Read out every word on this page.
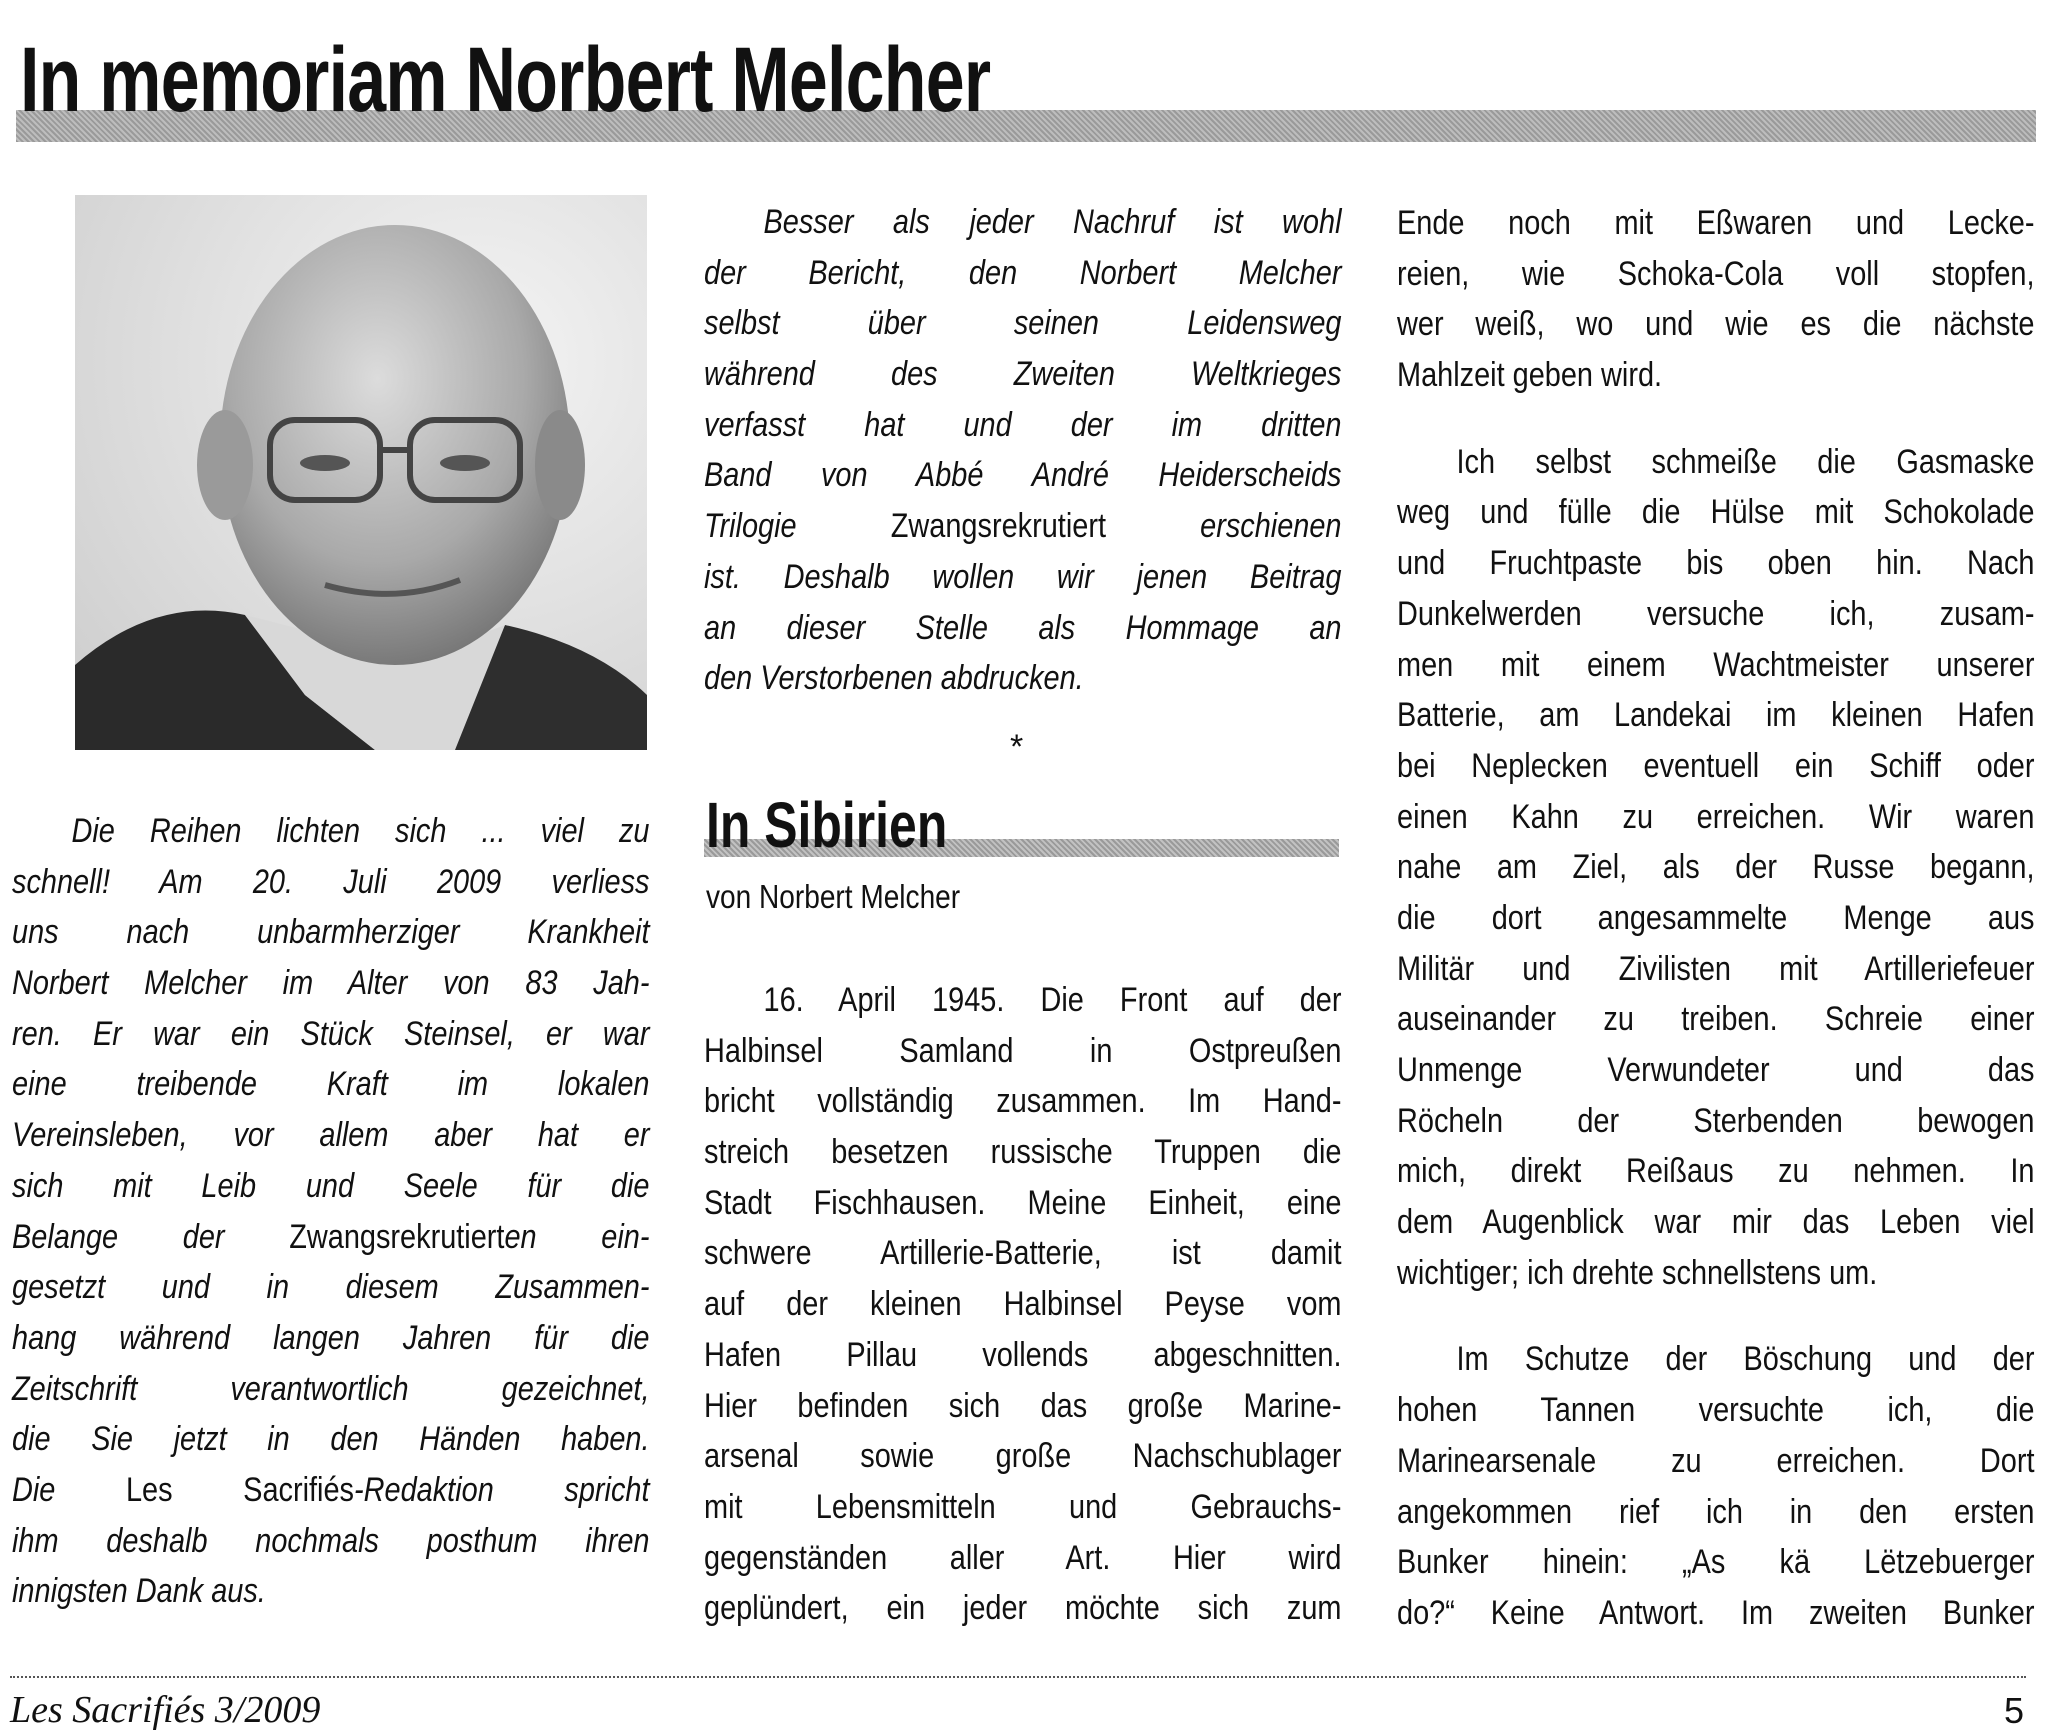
In memoriam Norbert Melcher
Die Reihen lichten sich ... viel zu
schnell! Am 20. Juli 2009 verliess
uns nach unbarmherziger Krankheit
Norbert Melcher im Alter von 83 Jah-
ren. Er war ein Stück Steinsel, er war
eine treibende Kraft im lokalen
Vereinsleben, vor allem aber hat er
sich mit Leib und Seele für die
Belange der Zwangsrekrutierten ein-
gesetzt und in diesem Zusammen-
hang während langen Jahren für die
Zeitschrift verantwortlich gezeichnet,
die Sie jetzt in den Händen haben.
Die Les Sacrifiés-Redaktion spricht
ihm deshalb nochmals posthum ihren
innigsten Dank aus.
Besser als jeder Nachruf ist wohl
der Bericht, den Norbert Melcher
selbst über seinen Leidensweg
während des Zweiten Weltkrieges
verfasst hat und der im dritten
Band von Abbé André Heiderscheids
Trilogie Zwangsrekrutiert erschienen
ist. Deshalb wollen wir jenen Beitrag
an dieser Stelle als Hommage an
den Verstorbenen abdrucken.
*
In Sibirien
von Norbert Melcher
16. April 1945. Die Front auf der
Halbinsel Samland in Ostpreußen
bricht vollständig zusammen. Im Hand-
streich besetzen russische Truppen die
Stadt Fischhausen. Meine Einheit, eine
schwere Artillerie-Batterie, ist damit
auf der kleinen Halbinsel Peyse vom
Hafen Pillau vollends abgeschnitten.
Hier befinden sich das große Marine-
arsenal sowie große Nachschublager
mit Lebensmitteln und Gebrauchs-
gegenständen aller Art. Hier wird
geplündert, ein jeder möchte sich zum
Ende noch mit Eßwaren und Lecke-
reien, wie Schoka-Cola voll stopfen,
wer weiß, wo und wie es die nächste
Mahlzeit geben wird.
Ich selbst schmeiße die Gasmaske
weg und fülle die Hülse mit Schokolade
und Fruchtpaste bis oben hin. Nach
Dunkelwerden versuche ich, zusam-
men mit einem Wachtmeister unserer
Batterie, am Landekai im kleinen Hafen
bei Neplecken eventuell ein Schiff oder
einen Kahn zu erreichen. Wir waren
nahe am Ziel, als der Russe begann,
die dort angesammelte Menge aus
Militär und Zivilisten mit Artilleriefeuer
auseinander zu treiben. Schreie einer
Unmenge Verwundeter und das
Röcheln der Sterbenden bewogen
mich, direkt Reißaus zu nehmen. In
dem Augenblick war mir das Leben viel
wichtiger; ich drehte schnellstens um.
Im Schutze der Böschung und der
hohen Tannen versuchte ich, die
Marinearsenale zu erreichen. Dort
angekommen rief ich in den ersten
Bunker hinein: „As kä Lëtzebuerger
do?“ Keine Antwort. Im zweiten Bunker
Les Sacrifiés 3/2009	5
